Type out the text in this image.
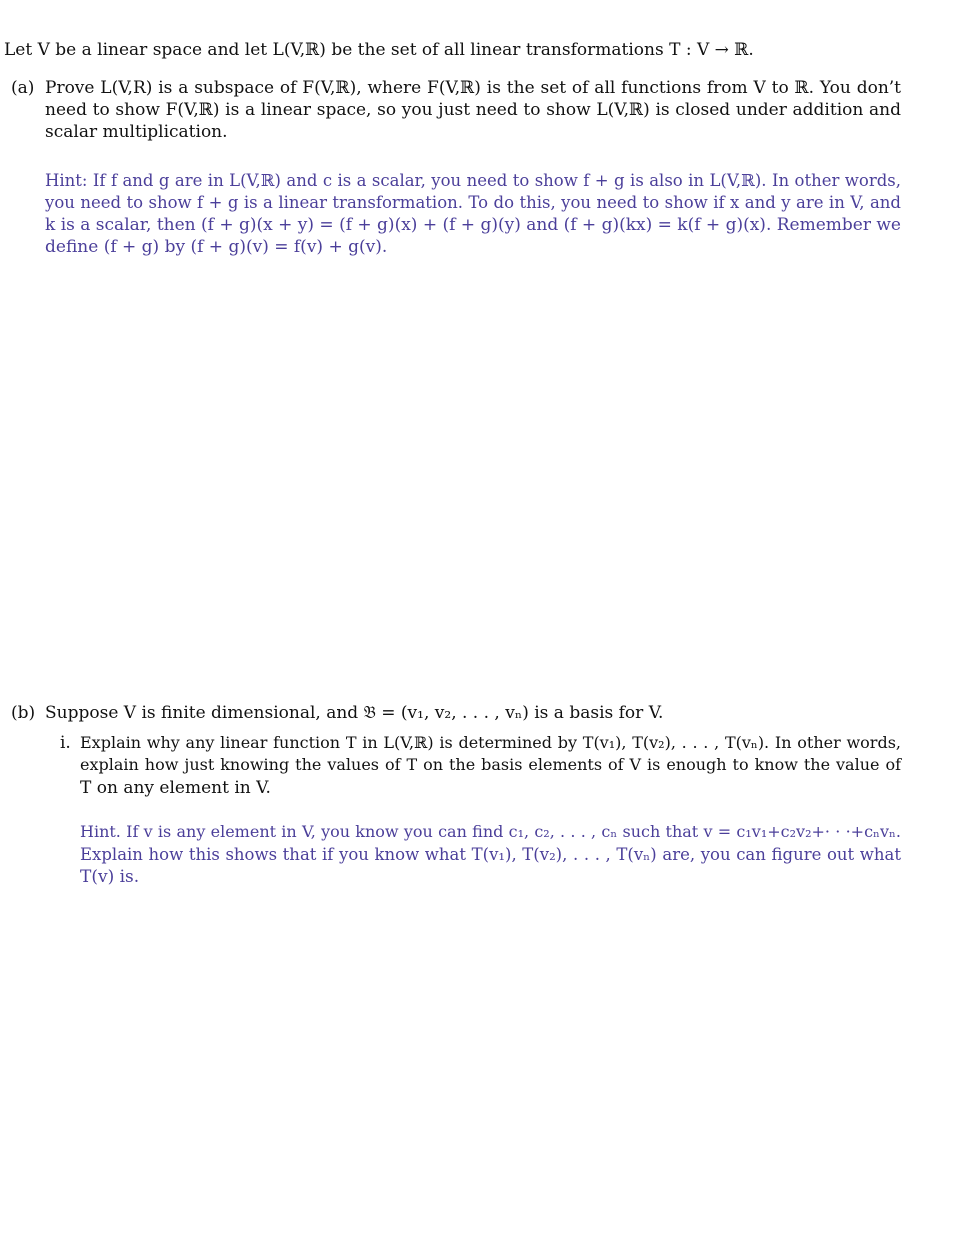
Let V be a linear space and let L(V,ℝ) be the set of all linear transformations T : V → ℝ.
(a) Prove L(V,R) is a subspace of F(V,ℝ), where F(V,ℝ) is the set of all functions from V to ℝ. You don’t
need to show F(V,ℝ) is a linear space, so you just need to show L(V,ℝ) is closed under addition and
scalar multiplication.
Hint: If f and g are in L(V,ℝ) and c is a scalar, you need to show f + g is also in L(V,ℝ). In other words,
you need to show f + g is a linear transformation. To do this, you need to show if x and y are in V, and
k is a scalar, then (f + g)(x + y) = (f + g)(x) + (f + g)(y) and (f + g)(kx) = k(f + g)(x). Remember we
define (f + g) by (f + g)(v) = f(v) + g(v).
(b) Suppose V is finite dimensional, and 𝔅 = (v₁, v₂, . . . , vₙ) is a basis for V.
i. Explain why any linear function T in L(V,ℝ) is determined by T(v₁), T(v₂), . . . , T(vₙ). In other words,
explain how just knowing the values of T on the basis elements of V is enough to know the value of
T on any element in V.
Hint. If v is any element in V, you know you can find c₁, c₂, . . . , cₙ such that v = c₁v₁+c₂v₂+· · ·+cₙvₙ.
Explain how this shows that if you know what T(v₁), T(v₂), . . . , T(vₙ) are, you can figure out what
T(v) is.
